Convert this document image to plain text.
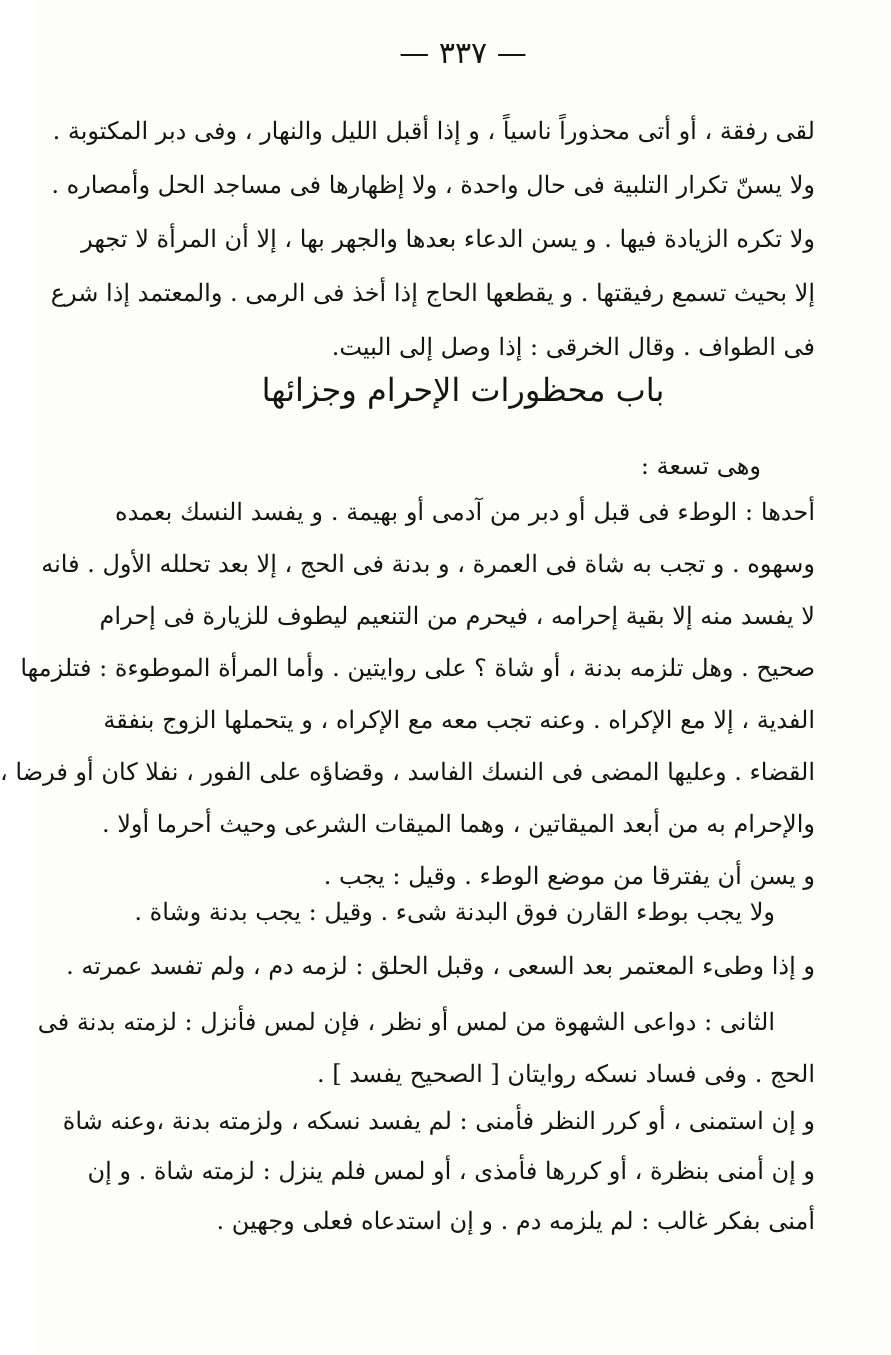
— ٣٣٧ —
لقى رفقة ، أو أتى محذوراً ناسياً ، و إذا أقبل الليل والنهار ، وفى دبر المكتوبة .
ولا يسنّ تكرار التلبية فى حال واحدة ، ولا إظهارها فى مساجد الحل وأمصاره .
ولا تكره الزيادة فيها . و يسن الدعاء بعدها والجهر بها ، إلا أن المرأة لا تجهر
إلا بحيث تسمع رفيقتها . و يقطعها الحاج إذا أخذ فى الرمى . والمعتمد إذا شرع
فى الطواف . وقال الخرقى : إذا وصل إلى البيت.
باب محظورات الإحرام وجزائها
وهى تسعة :
أحدها : الوطء فى قبل أو دبر من آدمى أو بهيمة . و يفسد النسك بعمده
وسهوه . و تجب به شاة فى العمرة ، و بدنة فى الحج ، إلا بعد تحلله الأول . فانه
لا يفسد منه إلا بقية إحرامه ، فيحرم من التنعيم ليطوف للزيارة فى إحرام
صحيح . وهل تلزمه بدنة ، أو شاة ؟ على روايتين . وأما المرأة الموطوءة : فتلزمها
الفدية ، إلا مع الإكراه . وعنه تجب معه مع الإكراه ، و يتحملها الزوج بنفقة
القضاء . وعليها المضى فى النسك الفاسد ، وقضاؤه على الفور ، نفلا كان أو فرضا ،
والإحرام به من أبعد الميقاتين ، وهما الميقات الشرعى وحيث أحرما أولا .
و يسن أن يفترقا من موضع الوطء . وقيل : يجب .
ولا يجب بوطء القارن فوق البدنة شىء . وقيل : يجب بدنة وشاة .
و إذا وطىء المعتمر بعد السعى ، وقبل الحلق : لزمه دم ، ولم تفسد عمرته .
الثانى : دواعى الشهوة من لمس أو نظر ، فإن لمس فأنزل : لزمته بدنة فى
الحج . وفى فساد نسكه روايتان [ الصحيح يفسد ] .
و إن استمنى ، أو كرر النظر فأمنى : لم يفسد نسكه ، ولزمته بدنة ،وعنه شاة
و إن أمنى بنظرة ، أو كررها فأمذى ، أو لمس فلم ينزل : لزمته شاة . و إن
أمنى بفكر غالب : لم يلزمه دم . و إن استدعاه فعلى وجهين .
